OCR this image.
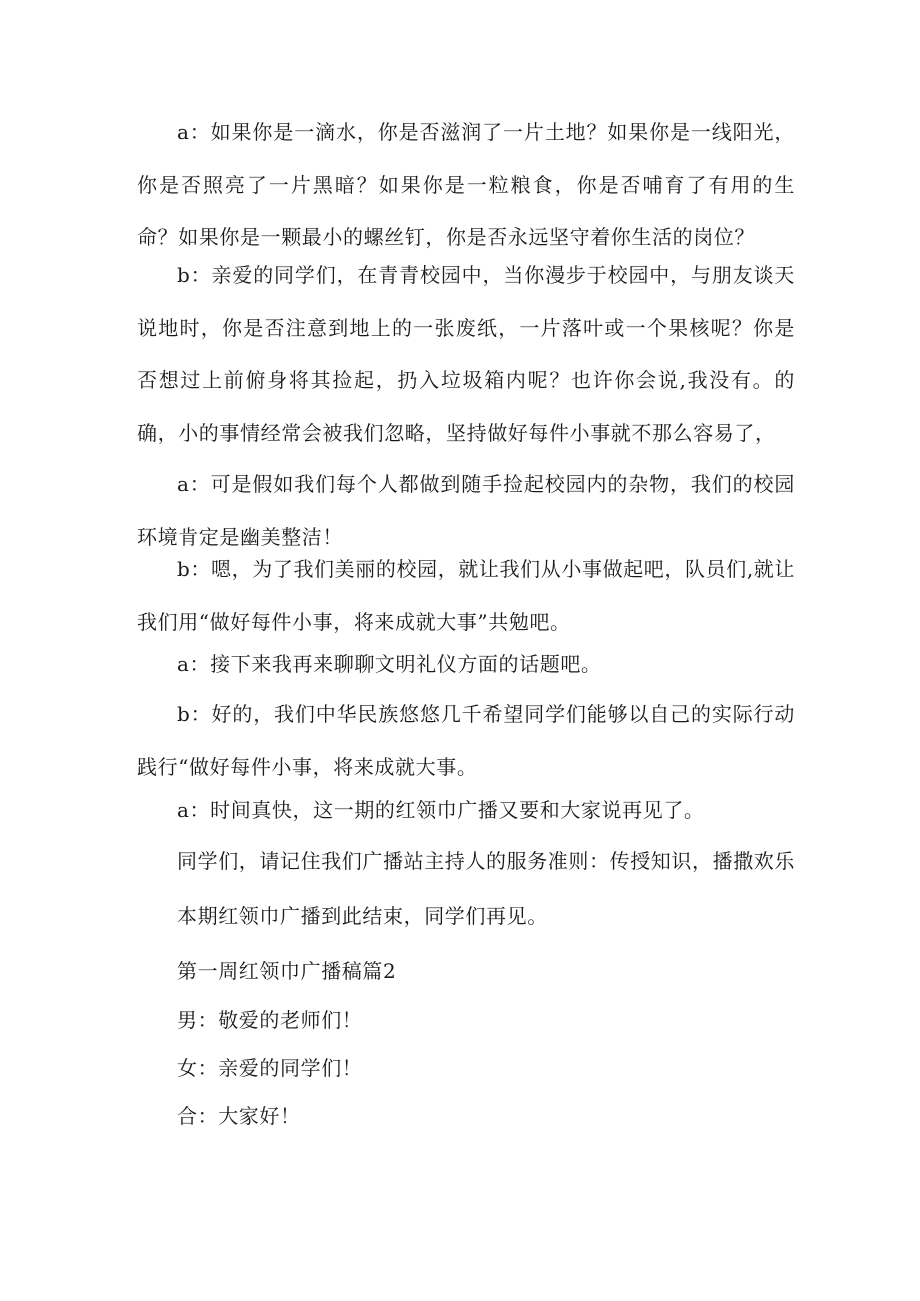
a：如果你是一滴水，你是否滋润了一片土地？如果你是一线阳光，你是否照亮了一片黑暗？如果你是一粒粮食，你是否哺育了有用的生命？如果你是一颗最小的螺丝钉，你是否永远坚守着你生活的岗位？

b：亲爱的同学们，在青青校园中，当你漫步于校园中，与朋友谈天说地时，你是否注意到地上的一张废纸，一片落叶或一个果核呢？你是否想过上前俯身将其捡起，扔入垃圾箱内呢？也许你会说,我没有。的确，小的事情经常会被我们忽略，坚持做好每件小事就不那么容易了，

a：可是假如我们每个人都做到随手捡起校园内的杂物，我们的校园环境肯定是幽美整洁！

b：嗯，为了我们美丽的校园，就让我们从小事做起吧，队员们,就让我们用“做好每件小事，将来成就大事”共勉吧。

a：接下来我再来聊聊文明礼仪方面的话题吧。

b：好的，我们中华民族悠悠几千希望同学们能够以自己的实际行动践行“做好每件小事，将来成就大事。

a：时间真快，这一期的红领巾广播又要和大家说再见了。

同学们，请记住我们广播站主持人的服务准则：传授知识，播撒欢乐

本期红领巾广播到此结束，同学们再见。

第一周红领巾广播稿篇2

男：敬爱的老师们！

女：亲爱的同学们！

合：大家好！
